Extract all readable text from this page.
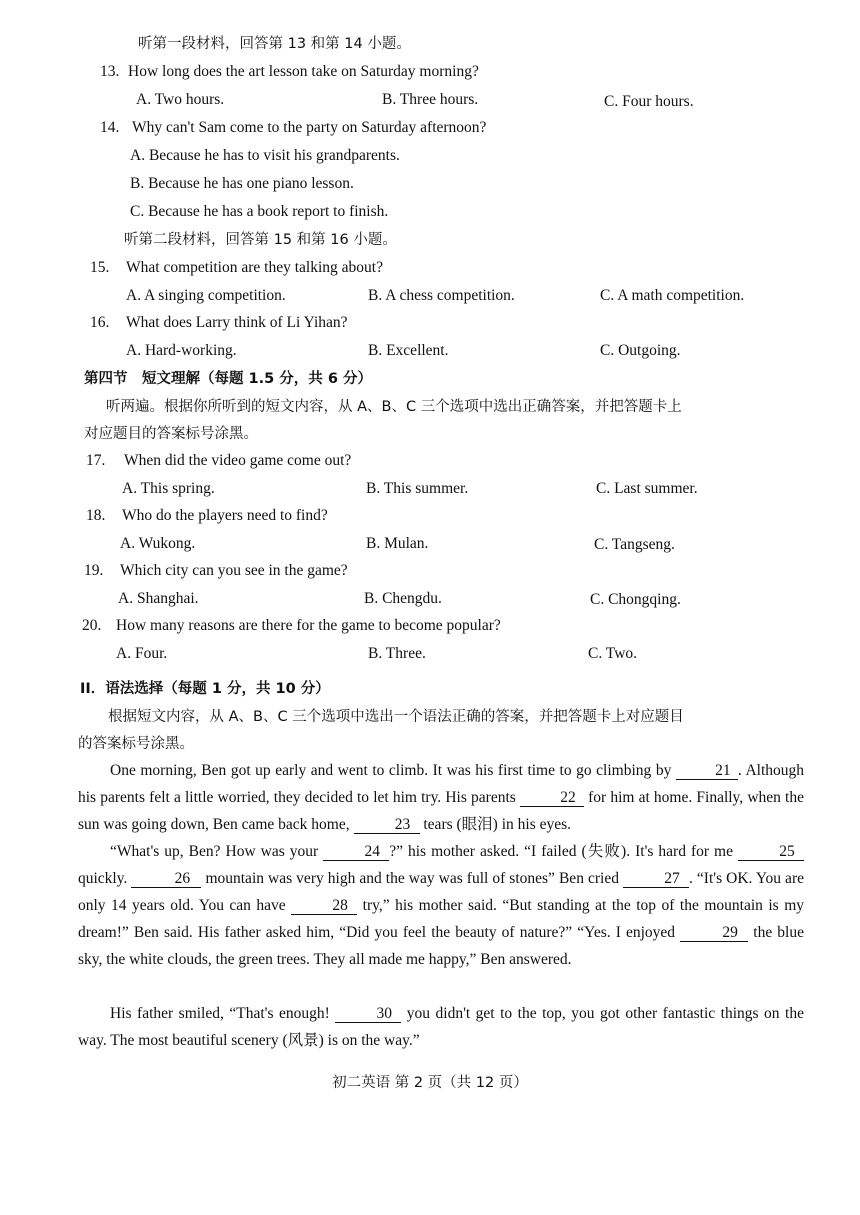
听第一段材料，回答第 13 和第 14 小题。
13. How long does the art lesson take on Saturday morning?
A. Two hours.	B. Three hours.	C. Four hours.
14. Why can't Sam come to the party on Saturday afternoon?
A. Because he has to visit his grandparents.
B. Because he has one piano lesson.
C. Because he has a book report to finish.
听第二段材料，回答第 15 和第 16 小题。
15. What competition are they talking about?
A. A singing competition.	B. A chess competition.	C. A math competition.
16. What does Larry think of Li Yihan?
A. Hard-working.	B. Excellent.	C. Outgoing.
第四节　短文理解（每题 1.5 分，共 6 分）
听两遍。根据你所听到的短文内容，从 A、B、C 三个选项中选出正确答案，并把答题卡上
对应题目的答案标号涂黑。
17. When did the video game come out?
A. This spring.	B. This summer.	C. Last summer.
18. Who do the players need to find?
A. Wukong.	B. Mulan.	C. Tangseng.
19. Which city can you see in the game?
A. Shanghai.	B. Chengdu.	C. Chongqing.
20. How many reasons are there for the game to become popular?
A. Four.	B. Three.	C. Two.
II．语法选择（每题 1 分，共 10 分）
根据短文内容，从 A、B、C 三个选项中选出一个语法正确的答案，并把答题卡上对应题目
的答案标号涂黑。
One morning, Ben got up early and went to climb. It was his first time to go climbing by	21 . Although his parents felt a little worried, they decided to let him try. His parents	22 for him at home. Finally, when the sun was going down, Ben came back home,	23 tears (眼泪) in his eyes.
“What's up, Ben? How was your	24 ?” his mother asked. “I failed (失败). It's hard for me	25 quickly.	26 mountain was very high and the way was full of stones” Ben cried	27 . “It's OK. You are only 14 years old. You can have	28 try,” his mother said. “But standing at the top of the mountain is my dream!” Ben said. His father asked him, “Did you feel the beauty of nature?” “Yes. I enjoyed	29 the blue sky, the white clouds, the green trees. They all made me happy,” Ben answered.
His father smiled, “That's enough!	30 you didn't get to the top, you got other fantastic things on the way. The most beautiful scenery (风景) is on the way.”
初二英语 第 2 页（共 12 页）
